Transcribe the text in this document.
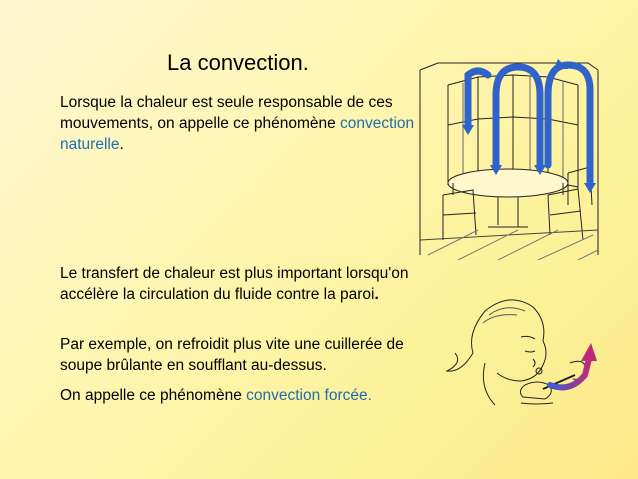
La convection.

Lorsque la chaleur est seule responsable de ces mouvements, on appelle ce phénomène convection naturelle.

Le transfert de chaleur est plus important lorsqu'on accélère la circulation du fluide contre la paroi.

Par exemple, on refroidit plus vite une cuillerée de soupe brûlante en soufflant au-dessus.

On appelle ce phénomène convection forcée.
